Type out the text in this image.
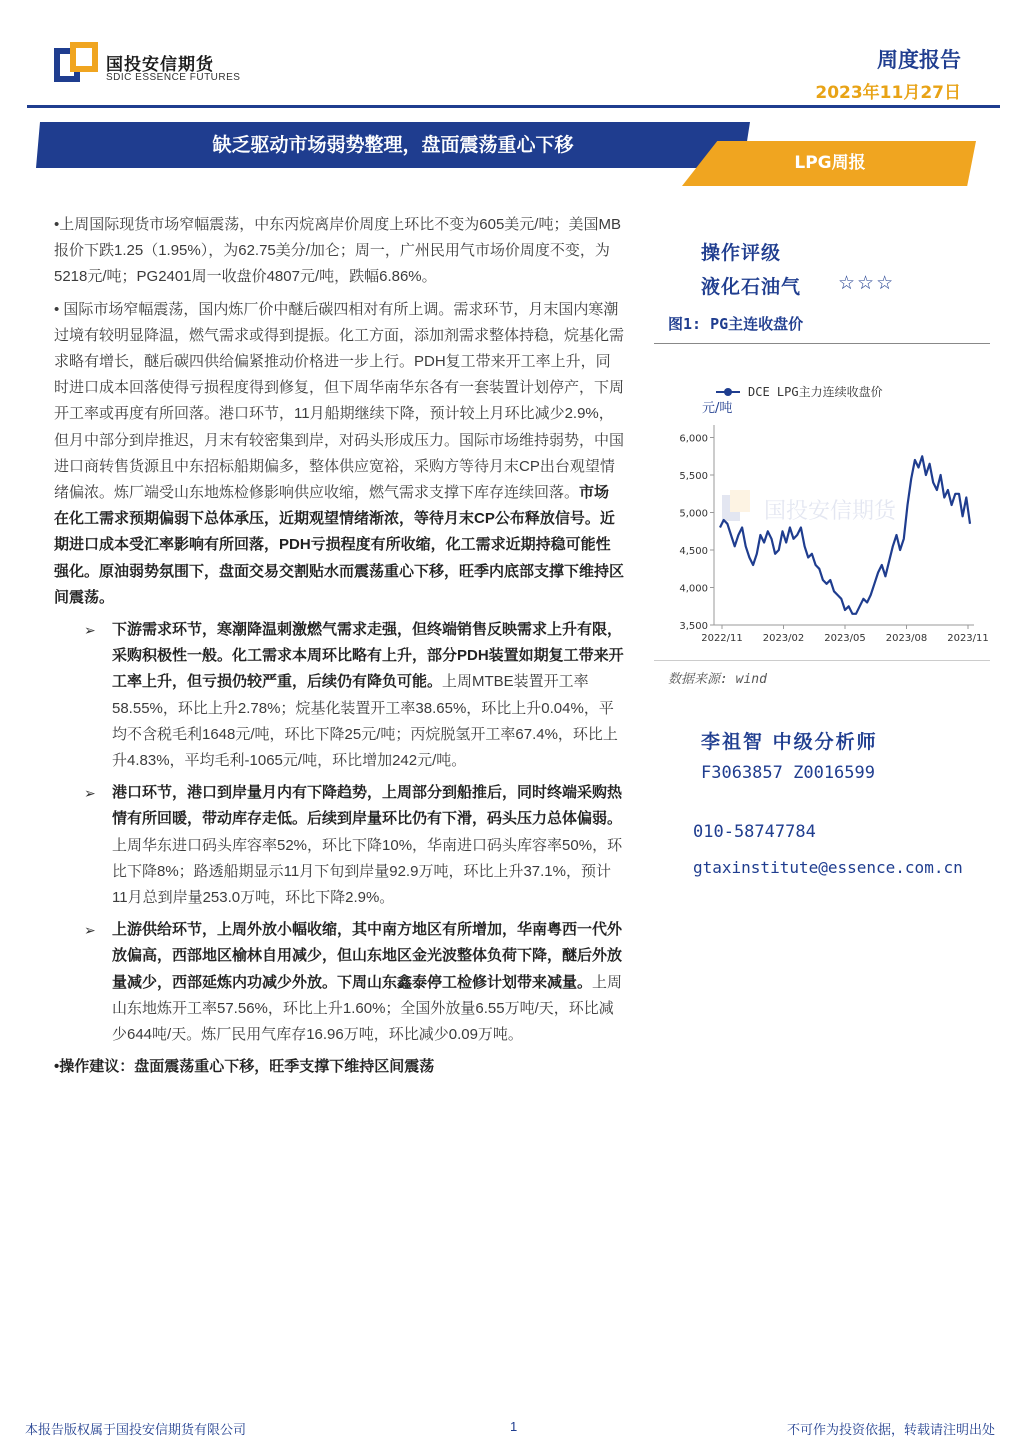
国投安信期货
SDIC ESSENCE FUTURES
周度报告
2023年11月27日
缺乏驱动市场弱势整理，盘面震荡重心下移
LPG周报

•上周国际现货市场窄幅震荡，中东丙烷离岸价周度上环比不变为605美元/吨；美国MB报价下跌1.25（1.95%），为62.75美分/加仑；周一，广州民用气市场价周度不变，为5218元/吨；PG2401周一收盘价4807元/吨，跌幅6.86%。

• 国际市场窄幅震荡，国内炼厂价中醚后碳四相对有所上调。需求环节，月末国内寒潮过境有较明显降温，燃气需求或得到提振。化工方面，添加剂需求整体持稳，烷基化需求略有增长，醚后碳四供给偏紧推动价格进一步上行。PDH复工带来开工率上升，同时进口成本回落使得亏损程度得到修复，但下周华南华东各有一套装置计划停产，下周开工率或再度有所回落。港口环节，11月船期继续下降，预计较上月环比减少2.9%，但月中部分到岸推迟，月末有较密集到岸，对码头形成压力。国际市场维持弱势，中国进口商转售货源且中东招标船期偏多，整体供应宽裕，采购方等待月末CP出台观望情绪偏浓。炼厂端受山东地炼检修影响供应收缩，燃气需求支撑下库存连续回落。市场在化工需求预期偏弱下总体承压，近期观望情绪渐浓，等待月末CP公布释放信号。近期进口成本受汇率影响有所回落，PDH亏损程度有所收缩，化工需求近期持稳可能性强化。原油弱势氛围下，盘面交易交割贴水而震荡重心下移，旺季内底部支撑下维持区间震荡。

➢ 下游需求环节，寒潮降温刺激燃气需求走强，但终端销售反映需求上升有限，采购积极性一般。化工需求本周环比略有上升，部分PDH装置如期复工带来开工率上升，但亏损仍较严重，后续仍有降负可能。上周MTBE装置开工率58.55%，环比上升2.78%；烷基化装置开工率38.65%，环比上升0.04%，平均不含税毛利1648元/吨，环比下降25元/吨；丙烷脱氢开工率67.4%，环比上升4.83%，平均毛利-1065元/吨，环比增加242元/吨。

➢ 港口环节，港口到岸量月内有下降趋势，上周部分到船推后，同时终端采购热情有所回暖，带动库存走低。后续到岸量环比仍有下滑，码头压力总体偏弱。上周华东进口码头库容率52%，环比下降10%，华南进口码头库容率50%，环比下降8%；路透船期显示11月下旬到岸量92.9万吨，环比上升37.1%，预计11月总到岸量253.0万吨，环比下降2.9%。

➢ 上游供给环节，上周外放小幅收缩，其中南方地区有所增加，华南粤西一代外放偏高，西部地区榆林自用减少，但山东地区金光波整体负荷下降，醚后外放量减少，西部延炼内功减少外放。下周山东鑫泰停工检修计划带来减量。上周山东地炼开工率57.56%，环比上升1.60%；全国外放量6.55万吨/天，环比减少644吨/天。炼厂民用气库存16.96万吨，环比减少0.09万吨。

•操作建议：盘面震荡重心下移，旺季支撑下维持区间震荡

操作评级
液化石油气 ☆☆☆
图1: PG主连收盘价
国投安信期货
3,500
4,000
4,500
5,000
5,500
6,000
2022/11 2023/02 2023/05 2023/08 2023/11
元/吨
DCE LPG主力连续收盘价
数据来源: wind
李祖智 中级分析师
F3063857 Z0016599
010-58747784
gtaxinstitute@essence.com.cn
本报告版权属于国投安信期货有限公司	1	不可作为投资依据，转载请注明出处
